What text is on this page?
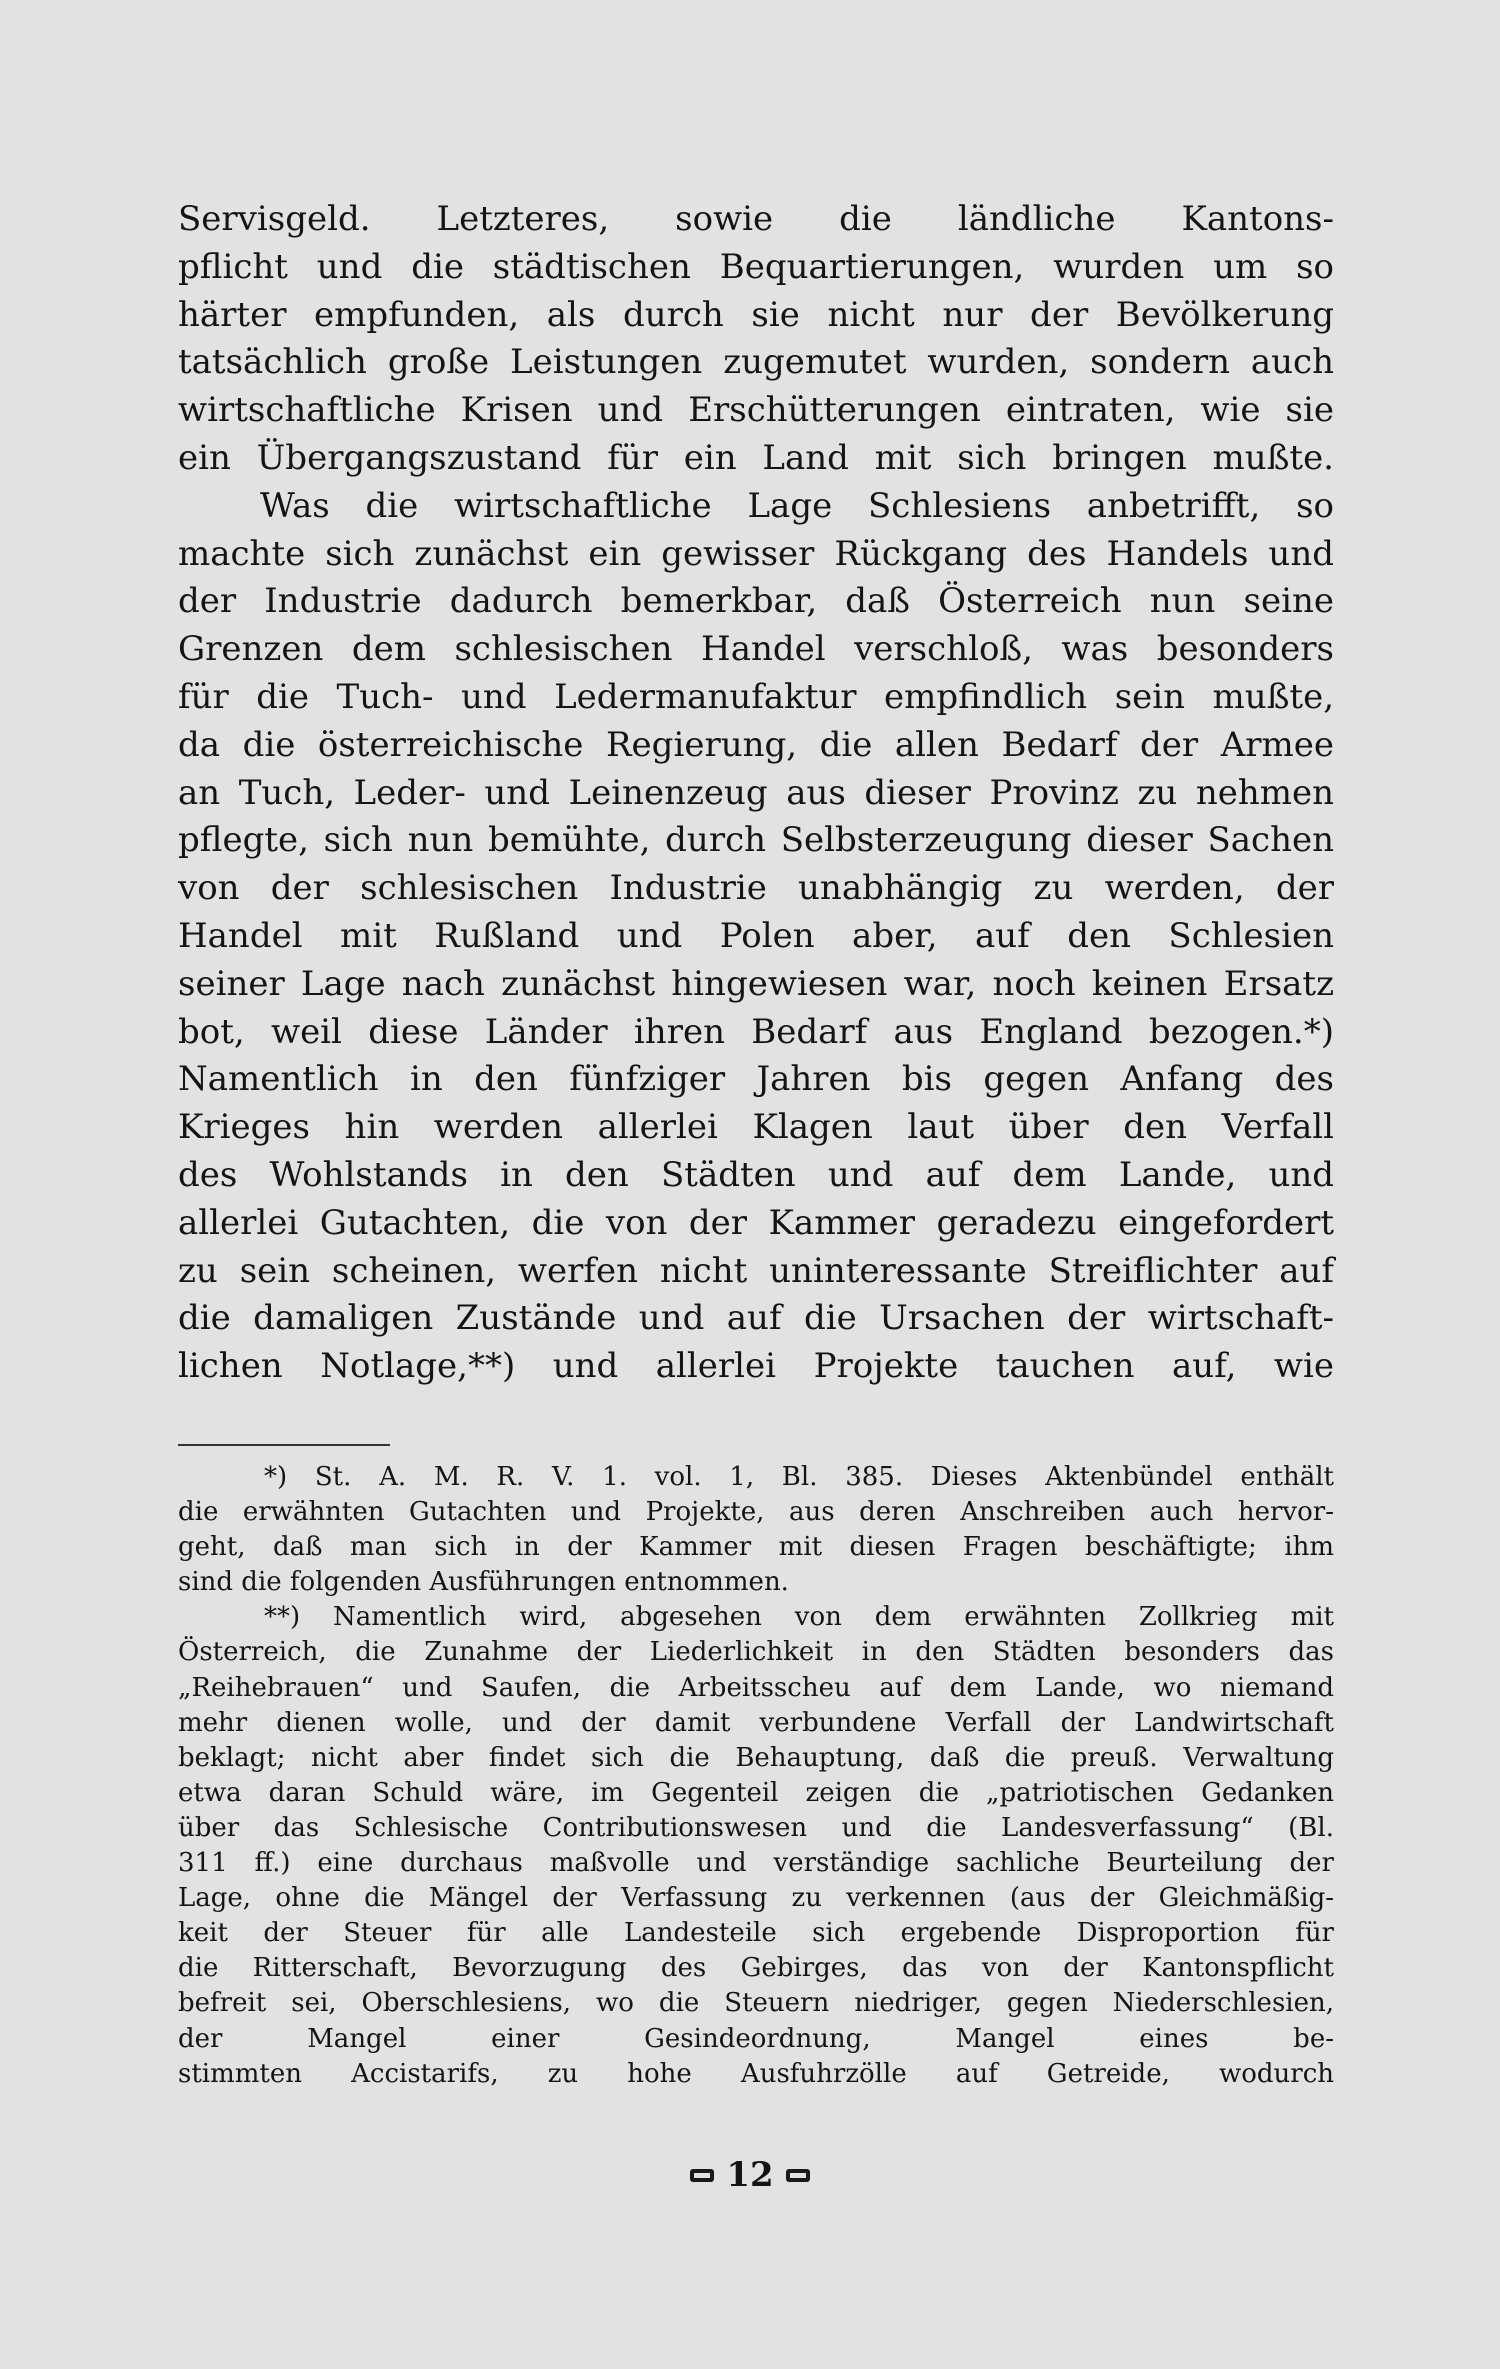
Servisgeld. Letzteres, sowie die ländliche Kantons-

pflicht und die städtischen Bequartierungen, wurden um so

härter empfunden, als durch sie nicht nur der Bevölkerung

tatsächlich große Leistungen zugemutet wurden, sondern auch

wirtschaftliche Krisen und Erschütterungen eintraten, wie sie

ein Übergangszustand für ein Land mit sich bringen mußte.

Was die wirtschaftliche Lage Schlesiens anbetrifft, so

machte sich zunächst ein gewisser Rückgang des Handels und

der Industrie dadurch bemerkbar, daß Österreich nun seine

Grenzen dem schlesischen Handel verschloß, was besonders

für die Tuch- und Ledermanufaktur empfindlich sein mußte,

da die österreichische Regierung, die allen Bedarf der Armee

an Tuch, Leder- und Leinenzeug aus dieser Provinz zu nehmen

pflegte, sich nun bemühte, durch Selbsterzeugung dieser Sachen

von der schlesischen Industrie unabhängig zu werden, der

Handel mit Rußland und Polen aber, auf den Schlesien

seiner Lage nach zunächst hingewiesen war, noch keinen Ersatz

bot, weil diese Länder ihren Bedarf aus England bezogen.*)

Namentlich in den fünfziger Jahren bis gegen Anfang des

Krieges hin werden allerlei Klagen laut über den Verfall

des Wohlstands in den Städten und auf dem Lande, und

allerlei Gutachten, die von der Kammer geradezu eingefordert

zu sein scheinen, werfen nicht uninteressante Streiflichter auf

die damaligen Zustände und auf die Ursachen der wirtschaft-

lichen Notlage,**) und allerlei Projekte tauchen auf, wie

*) St. A. M. R. V. 1. vol. 1, Bl. 385. Dieses Aktenbündel enthält

die erwähnten Gutachten und Projekte, aus deren Anschreiben auch hervor-

geht, daß man sich in der Kammer mit diesen Fragen beschäftigte; ihm

sind die folgenden Ausführungen entnommen.

**) Namentlich wird, abgesehen von dem erwähnten Zollkrieg mit

Österreich, die Zunahme der Liederlichkeit in den Städten besonders das

„Reihebrauen“ und Saufen, die Arbeitsscheu auf dem Lande, wo niemand

mehr dienen wolle, und der damit verbundene Verfall der Landwirtschaft

beklagt; nicht aber findet sich die Behauptung, daß die preuß. Verwaltung

etwa daran Schuld wäre, im Gegenteil zeigen die „patriotischen Gedanken

über das Schlesische Contributionswesen und die Landesverfassung“ (Bl.

311 ff.) eine durchaus maßvolle und verständige sachliche Beurteilung der

Lage, ohne die Mängel der Verfassung zu verkennen (aus der Gleichmäßig-

keit der Steuer für alle Landesteile sich ergebende Disproportion für

die Ritterschaft, Bevorzugung des Gebirges, das von der Kantonspflicht

befreit sei, Oberschlesiens, wo die Steuern niedriger, gegen Niederschlesien,

der Mangel einer Gesindeordnung, Mangel eines be-

stimmten Accistarifs, zu hohe Ausfuhrzölle auf Getreide, wodurch

12
